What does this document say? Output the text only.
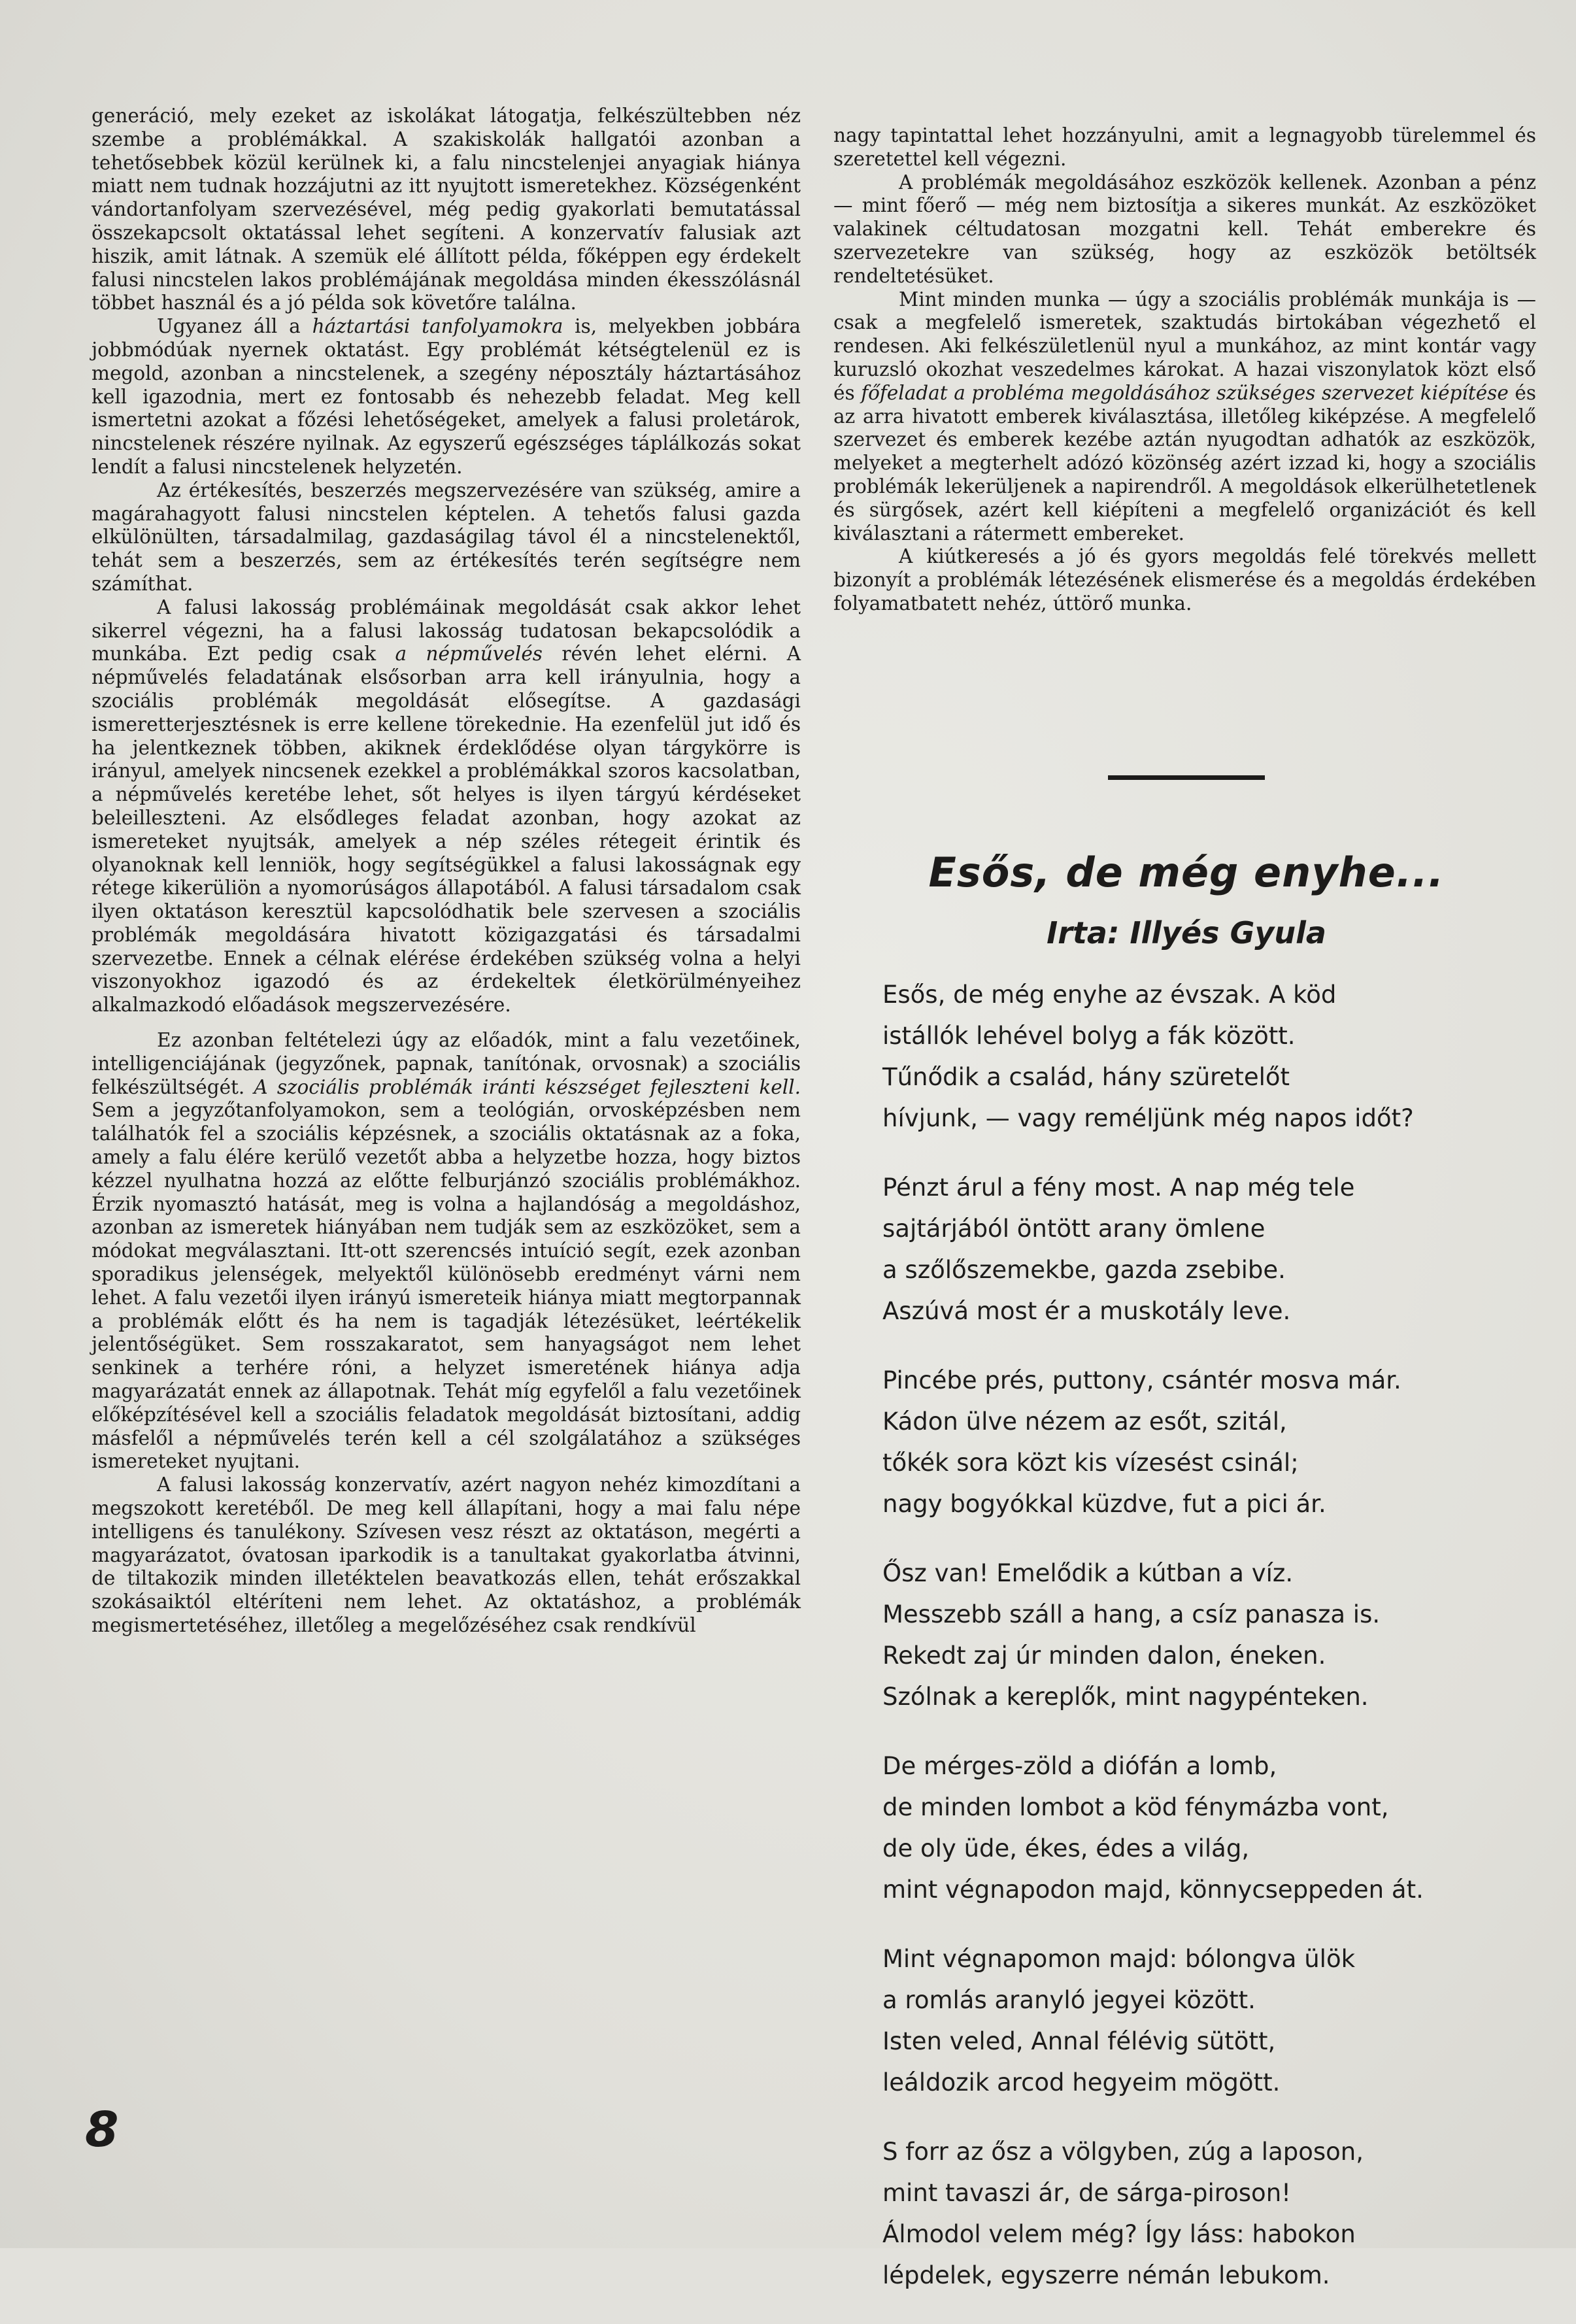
generáció, mely ezeket az iskolákat látogatja, felkészültebben néz szembe a problémákkal. A szakiskolák hallgatói azonban a tehetősebbek közül kerülnek ki, a falu nincstelenjei anyagiak hiánya miatt nem tudnak hozzájutni az itt nyujtott ismeretekhez. Községenként vándortanfolyam szervezésével, még pedig gyakorlati bemutatással összekapcsolt oktatással lehet segíteni. A konzervatív falusiak azt hiszik, amit látnak. A szemük elé állított példa, főképpen egy érdekelt falusi nincstelen lakos problémájának megoldása minden ékesszólásnál többet használ és a jó példa sok követőre találna.

Ugyanez áll a háztartási tanfolyamokra is, melyekben jobbára jobbmódúak nyernek oktatást. Egy problémát kétségtelenül ez is megold, azonban a nincstelenek, a szegény néposztály háztartásához kell igazodnia, mert ez fontosabb és nehezebb feladat. Meg kell ismertetni azokat a főzési lehetőségeket, amelyek a falusi proletárok, nincstelenek részére nyilnak. Az egyszerű egészséges táplálkozás sokat lendít a falusi nincstelenek helyzetén.

Az értékesítés, beszerzés megszervezésére van szükség, amire a magárahagyott falusi nincstelen képtelen. A tehetős falusi gazda elkülönülten, társadalmilag, gazdaságilag távol él a nincstelenektől, tehát sem a beszerzés, sem az értékesítés terén segítségre nem számíthat.

A falusi lakosság problémáinak megoldását csak akkor lehet sikerrel végezni, ha a falusi lakosság tudatosan bekapcsolódik a munkába. Ezt pedig csak a népművelés révén lehet elérni. A népművelés feladatának elsősorban arra kell irányulnia, hogy a szociális problémák megoldását elősegítse. A gazdasági ismeretterjesztésnek is erre kellene törekednie. Ha ezenfelül jut idő és ha jelentkeznek többen, akiknek érdeklődése olyan tárgykörre is irányul, amelyek nincsenek ezekkel a problémákkal szoros kacsolatban, a népművelés keretébe lehet, sőt helyes is ilyen tárgyú kérdéseket beleilleszteni. Az elsődleges feladat azonban, hogy azokat az ismereteket nyujtsák, amelyek a nép széles rétegeit érintik és olyanoknak kell lenniök, hogy segítségükkel a falusi lakosságnak egy rétege kikerüliön a nyomorúságos állapotából. A falusi társadalom csak ilyen oktatáson keresztül kapcsolódhatik bele szervesen a szociális problémák megoldására hivatott közigazgatási és társadalmi szervezetbe. Ennek a célnak elérése érdekében szükség volna a helyi viszonyokhoz igazodó és az érdekeltek életkörülményeihez alkalmazkodó előadások megszervezésére.

Ez azonban feltételezi úgy az előadók, mint a falu vezetőinek, intelligenciájának (jegyzőnek, papnak, tanítónak, orvosnak) a szociális felkészültségét. A szociális problémák iránti készséget fejleszteni kell. Sem a jegyzőtanfolyamokon, sem a teológián, orvosképzésben nem találhatók fel a szociális képzésnek, a szociális oktatásnak az a foka, amely a falu élére kerülő vezetőt abba a helyzetbe hozza, hogy biztos kézzel nyulhatna hozzá az előtte felburjánzó szociális problémákhoz. Érzik nyomasztó hatását, meg is volna a hajlandóság a megoldáshoz, azonban az ismeretek hiányában nem tudják sem az eszközöket, sem a módokat megválasztani. Itt-ott szerencsés intuíció segít, ezek azonban sporadikus jelenségek, melyektől különösebb eredményt várni nem lehet. A falu vezetői ilyen irányú ismereteik hiánya miatt megtorpannak a problémák előtt és ha nem is tagadják létezésüket, leértékelik jelentőségüket. Sem rosszakaratot, sem hanyagságot nem lehet senkinek a terhére róni, a helyzet ismeretének hiánya adja magyarázatát ennek az állapotnak. Tehát míg egyfelől a falu vezetőinek előképzítésével kell a szociális feladatok megoldását biztosítani, addig másfelől a népművelés terén kell a cél szolgálatához a szükséges ismereteket nyujtani.

A falusi lakosság konzervatív, azért nagyon nehéz kimozdítani a megszokott keretéből. De meg kell állapítani, hogy a mai falu népe intelligens és tanulékony. Szívesen vesz részt az oktatáson, megérti a magyarázatot, óvatosan iparkodik is a tanultakat gyakorlatba átvinni, de tiltakozik minden illetéktelen beavatkozás ellen, tehát erőszakkal szokásaiktól eltéríteni nem lehet. Az oktatáshoz, a problémák megismertetéséhez, illetőleg a megelőzéséhez csak rendkívül

nagy tapintattal lehet hozzányulni, amit a legnagyobb türelemmel és szeretettel kell végezni.

A problémák megoldásához eszközök kellenek. Azonban a pénz — mint főerő — még nem biztosítja a sikeres munkát. Az eszközöket valakinek céltudatosan mozgatni kell. Tehát emberekre és szervezetekre van szükség, hogy az eszközök betöltsék rendeltetésüket.

Mint minden munka — úgy a szociális problémák munkája is — csak a megfelelő ismeretek, szaktudás birtokában végezhető el rendesen. Aki felkészületlenül nyul a munkához, az mint kontár vagy kuruzsló okozhat veszedelmes károkat. A hazai viszonylatok közt első és főfeladat a probléma megoldásához szükséges szervezet kiépítése és az arra hivatott emberek kiválasztása, illetőleg kiképzése. A megfelelő szervezet és emberek kezébe aztán nyugodtan adhatók az eszközök, melyeket a megterhelt adózó közönség azért izzad ki, hogy a szociális problémák lekerüljenek a napirendről. A megoldások elkerülhetetlenek és sürgősek, azért kell kiépíteni a megfelelő organizációt és kell kiválasztani a rátermett embereket.

A kiútkeresés a jó és gyors megoldás felé törekvés mellett bizonyít a problémák létezésének elismerése és a megoldás érdekében folyamatbatett nehéz, úttörő munka.

Esős, de még enyhe...
Irta: Illyés Gyula
Esős, de még enyhe az évszak. A köd
istállók lehével bolyg a fák között.
Tűnődik a család, hány szüretelőt
hívjunk, — vagy reméljünk még napos időt?
Pénzt árul a fény most. A nap még tele
sajtárjából öntött arany ömlene
a szőlőszemekbe, gazda zsebibe.
Aszúvá most ér a muskotály leve.
Pincébe prés, puttony, csántér mosva már.
Kádon ülve nézem az esőt, szitál,
tőkék sora közt kis vízesést csinál;
nagy bogyókkal küzdve, fut a pici ár.
Ősz van! Emelődik a kútban a víz.
Messzebb száll a hang, a csíz panasza is.
Rekedt zaj úr minden dalon, éneken.
Szólnak a kereplők, mint nagypénteken.
De mérges-zöld a diófán a lomb,
de minden lombot a köd fénymázba vont,
de oly üde, ékes, édes a világ,
mint végnapodon majd, könnycseppeden át.
Mint végnapomon majd: bólongva ülök
a romlás aranyló jegyei között.
Isten veled, Annal félévig sütött,
leáldozik arcod hegyeim mögött.
S forr az ősz a völgyben, zúg a laposon,
mint tavaszi ár, de sárga-piroson!
Álmodol velem még? Így láss: habokon
lépdelek, egyszerre némán lebukom.
8
